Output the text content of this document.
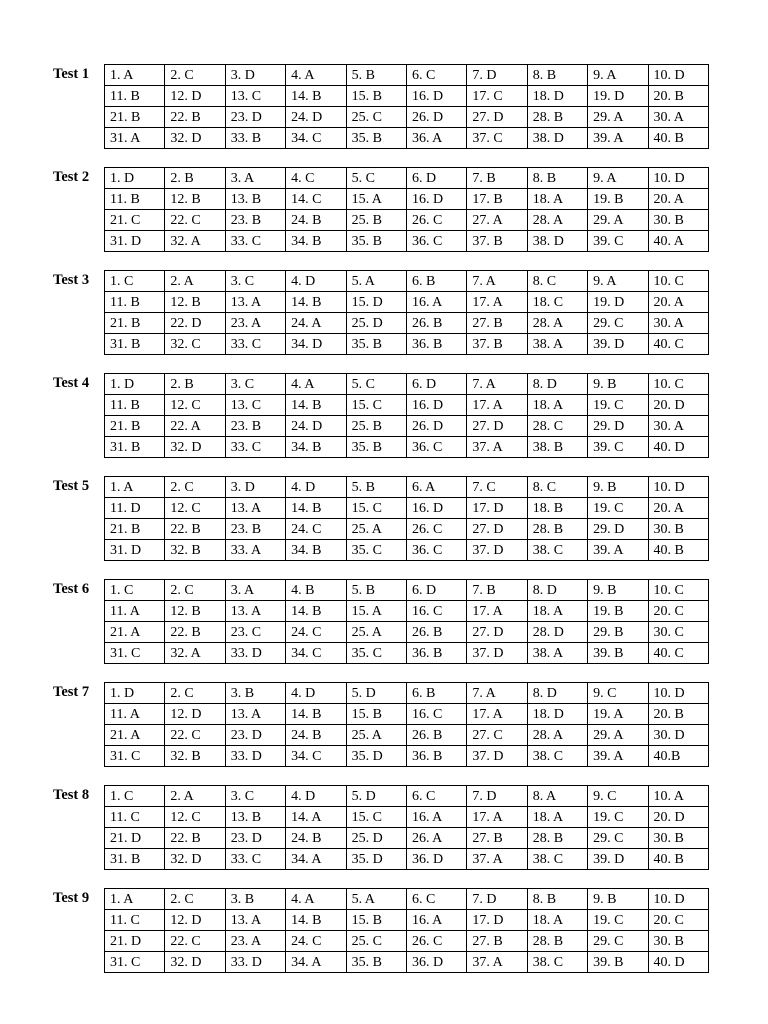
Test 1	1. A	2. C	3. D	4. A	5. B	6. C	7. D	8. B	9. A	10. D
11. B	12. D	13. C	14. B	15. B	16. D	17. C	18. D	19. D	20. B
21. B	22. B	23. D	24. D	25. C	26. D	27. D	28. B	29. A	30. A
31. A	32. D	33. B	34. C	35. B	36. A	37. C	38. D	39. A	40. B
Test 2	1. D	2. B	3. A	4. C	5. C	6. D	7. B	8. B	9. A	10. D
11. B	12. B	13. B	14. C	15. A	16. D	17. B	18. A	19. B	20. A
21. C	22. C	23. B	24. B	25. B	26. C	27. A	28. A	29. A	30. B
31. D	32. A	33. C	34. B	35. B	36. C	37. B	38. D	39. C	40. A
Test 3	1. C	2. A	3. C	4. D	5. A	6. B	7. A	8. C	9. A	10. C
11. B	12. B	13. A	14. B	15. D	16. A	17. A	18. C	19. D	20. A
21. B	22. D	23. A	24. A	25. D	26. B	27. B	28. A	29. C	30. A
31. B	32. C	33. C	34. D	35. B	36. B	37. B	38. A	39. D	40. C
Test 4	1. D	2. B	3. C	4. A	5. C	6. D	7. A	8. D	9. B	10. C
11. B	12. C	13. C	14. B	15. C	16. D	17. A	18. A	19. C	20. D
21. B	22. A	23. B	24. D	25. B	26. D	27. D	28. C	29. D	30. A
31. B	32. D	33. C	34. B	35. B	36. C	37. A	38. B	39. C	40. D
Test 5	1. A	2. C	3. D	4. D	5. B	6. A	7. C	8. C	9. B	10. D
11. D	12. C	13. A	14. B	15. C	16. D	17. D	18. B	19. C	20. A
21. B	22. B	23. B	24. C	25. A	26. C	27. D	28. B	29. D	30. B
31. D	32. B	33. A	34. B	35. C	36. C	37. D	38. C	39. A	40. B
Test 6	1. C	2. C	3. A	4. B	5. B	6. D	7. B	8. D	9. B	10. C
11. A	12. B	13. A	14. B	15. A	16. C	17. A	18. A	19. B	20. C
21. A	22. B	23. C	24. C	25. A	26. B	27. D	28. D	29. B	30. C
31. C	32. A	33. D	34. C	35. C	36. B	37. D	38. A	39. B	40. C
Test 7	1. D	2. C	3. B	4. D	5. D	6. B	7. A	8. D	9. C	10. D
11. A	12. D	13. A	14. B	15. B	16. C	17. A	18. D	19. A	20. B
21. A	22. C	23. D	24. B	25. A	26. B	27. C	28. A	29. A	30. D
31. C	32. B	33. D	34. C	35. D	36. B	37. D	38. C	39. A	40.B
Test 8	1. C	2. A	3. C	4. D	5. D	6. C	7. D	8. A	9. C	10. A
11. C	12. C	13. B	14. A	15. C	16. A	17. A	18. A	19. C	20. D
21. D	22. B	23. D	24. B	25. D	26. A	27. B	28. B	29. C	30. B
31. B	32. D	33. C	34. A	35. D	36. D	37. A	38. C	39. D	40. B
Test 9	1. A	2. C	3. B	4. A	5. A	6. C	7. D	8. B	9. B	10. D
11. C	12. D	13. A	14. B	15. B	16. A	17. D	18. A	19. C	20. C
21. D	22. C	23. A	24. C	25. C	26. C	27. B	28. B	29. C	30. B
31. C	32. D	33. D	34. A	35. B	36. D	37. A	38. C	39. B	40. D
